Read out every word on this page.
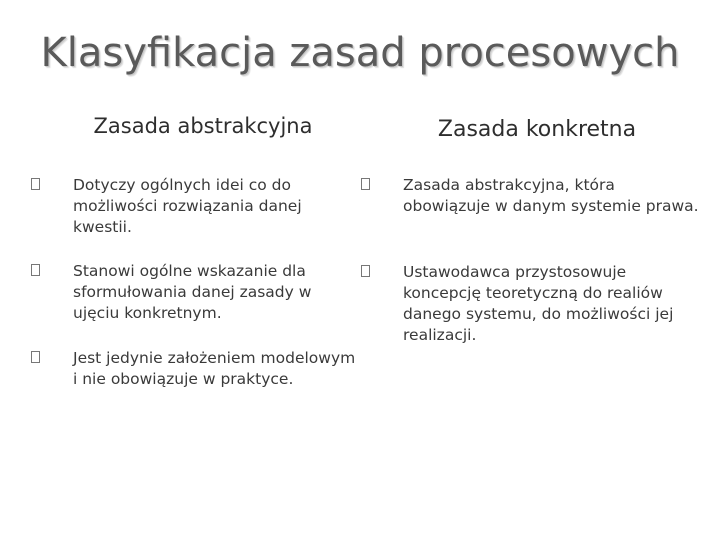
Klasyfikacja zasad procesowych
Zasada abstrakcyjna	Zasada konkretna
Dotyczy ogólnych idei co do możliwości rozwiązania danej kwestii.
Stanowi ogólne wskazanie dla sformułowania danej zasady w ujęciu konkretnym.
Jest jedynie założeniem modelowym i nie obowiązuje w praktyce.
Zasada abstrakcyjna, która obowiązuje w danym systemie prawa.
Ustawodawca przystosowuje koncepcję teoretyczną do realiów danego systemu, do możliwości jej realizacji.
